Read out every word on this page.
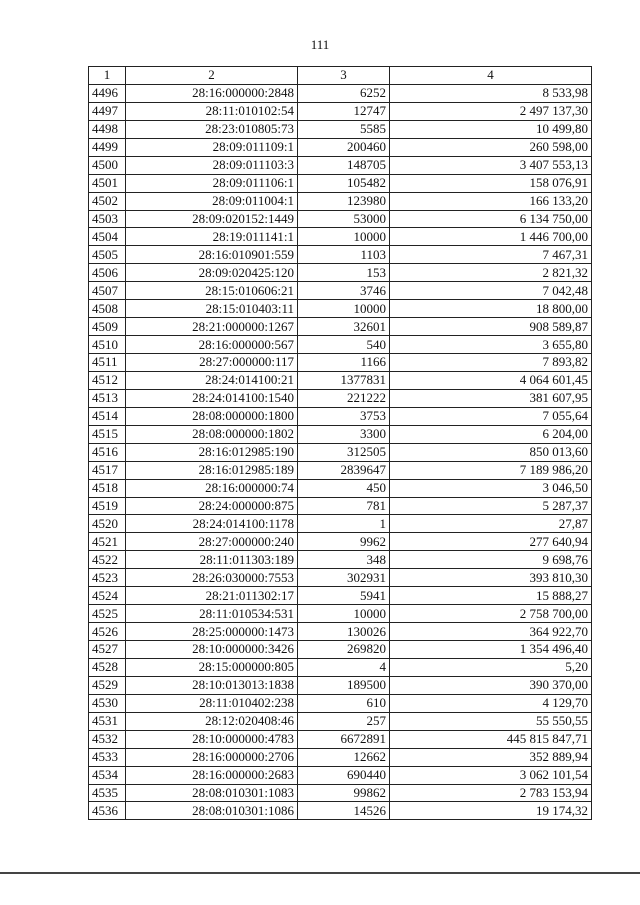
111
1	2	3	4
4496	28:16:000000:2848	6252	8 533,98
4497	28:11:010102:54	12747	2 497 137,30
4498	28:23:010805:73	5585	10 499,80
4499	28:09:011109:1	200460	260 598,00
4500	28:09:011103:3	148705	3 407 553,13
4501	28:09:011106:1	105482	158 076,91
4502	28:09:011004:1	123980	166 133,20
4503	28:09:020152:1449	53000	6 134 750,00
4504	28:19:011141:1	10000	1 446 700,00
4505	28:16:010901:559	1103	7 467,31
4506	28:09:020425:120	153	2 821,32
4507	28:15:010606:21	3746	7 042,48
4508	28:15:010403:11	10000	18 800,00
4509	28:21:000000:1267	32601	908 589,87
4510	28:16:000000:567	540	3 655,80
4511	28:27:000000:117	1166	7 893,82
4512	28:24:014100:21	1377831	4 064 601,45
4513	28:24:014100:1540	221222	381 607,95
4514	28:08:000000:1800	3753	7 055,64
4515	28:08:000000:1802	3300	6 204,00
4516	28:16:012985:190	312505	850 013,60
4517	28:16:012985:189	2839647	7 189 986,20
4518	28:16:000000:74	450	3 046,50
4519	28:24:000000:875	781	5 287,37
4520	28:24:014100:1178	1	27,87
4521	28:27:000000:240	9962	277 640,94
4522	28:11:011303:189	348	9 698,76
4523	28:26:030000:7553	302931	393 810,30
4524	28:21:011302:17	5941	15 888,27
4525	28:11:010534:531	10000	2 758 700,00
4526	28:25:000000:1473	130026	364 922,70
4527	28:10:000000:3426	269820	1 354 496,40
4528	28:15:000000:805	4	5,20
4529	28:10:013013:1838	189500	390 370,00
4530	28:11:010402:238	610	4 129,70
4531	28:12:020408:46	257	55 550,55
4532	28:10:000000:4783	6672891	445 815 847,71
4533	28:16:000000:2706	12662	352 889,94
4534	28:16:000000:2683	690440	3 062 101,54
4535	28:08:010301:1083	99862	2 783 153,94
4536	28:08:010301:1086	14526	19 174,32
